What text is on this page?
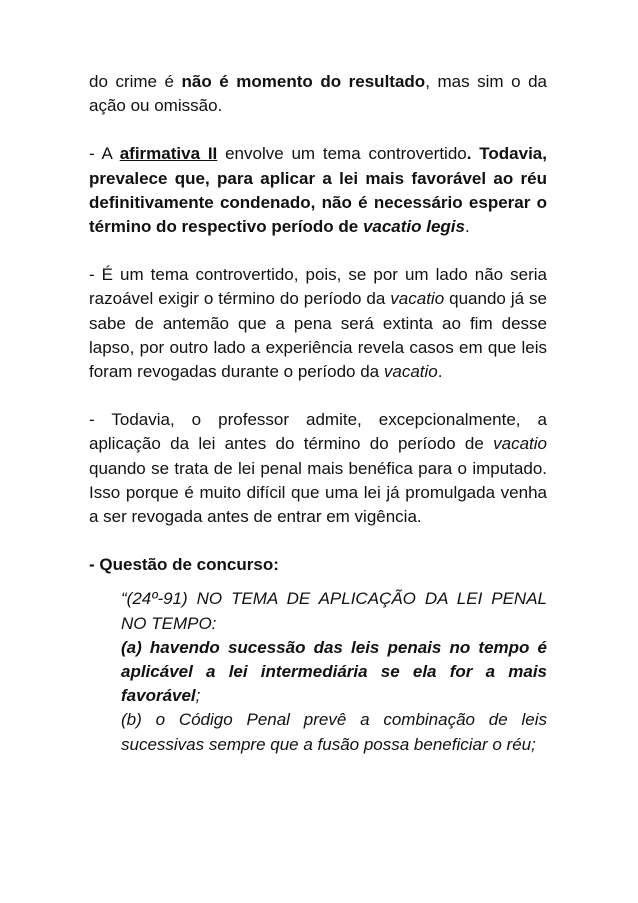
do crime é não é momento do resultado, mas sim o da ação ou omissão.

- A afirmativa II envolve um tema controvertido. Todavia, prevalece que, para aplicar a lei mais favorável ao réu definitivamente condenado, não é necessário esperar o término do respectivo período de vacatio legis.

- É um tema controvertido, pois, se por um lado não seria razoável exigir o término do período da vacatio quando já se sabe de antemão que a pena será extinta ao fim desse lapso, por outro lado a experiência revela casos em que leis foram revogadas durante o período da vacatio.

- Todavia, o professor admite, excepcionalmente, a aplicação da lei antes do término do período de vacatio quando se trata de lei penal mais benéfica para o imputado. Isso porque é muito difícil que uma lei já promulgada venha a ser revogada antes de entrar em vigência.

- Questão de concurso:

“(24º-91) NO TEMA DE APLICAÇÃO DA LEI PENAL NO TEMPO:

(a) havendo sucessão das leis penais no tempo é aplicável a lei intermediária se ela for a mais favorável;

(b) o Código Penal prevê a combinação de leis sucessivas sempre que a fusão possa beneficiar o réu;
